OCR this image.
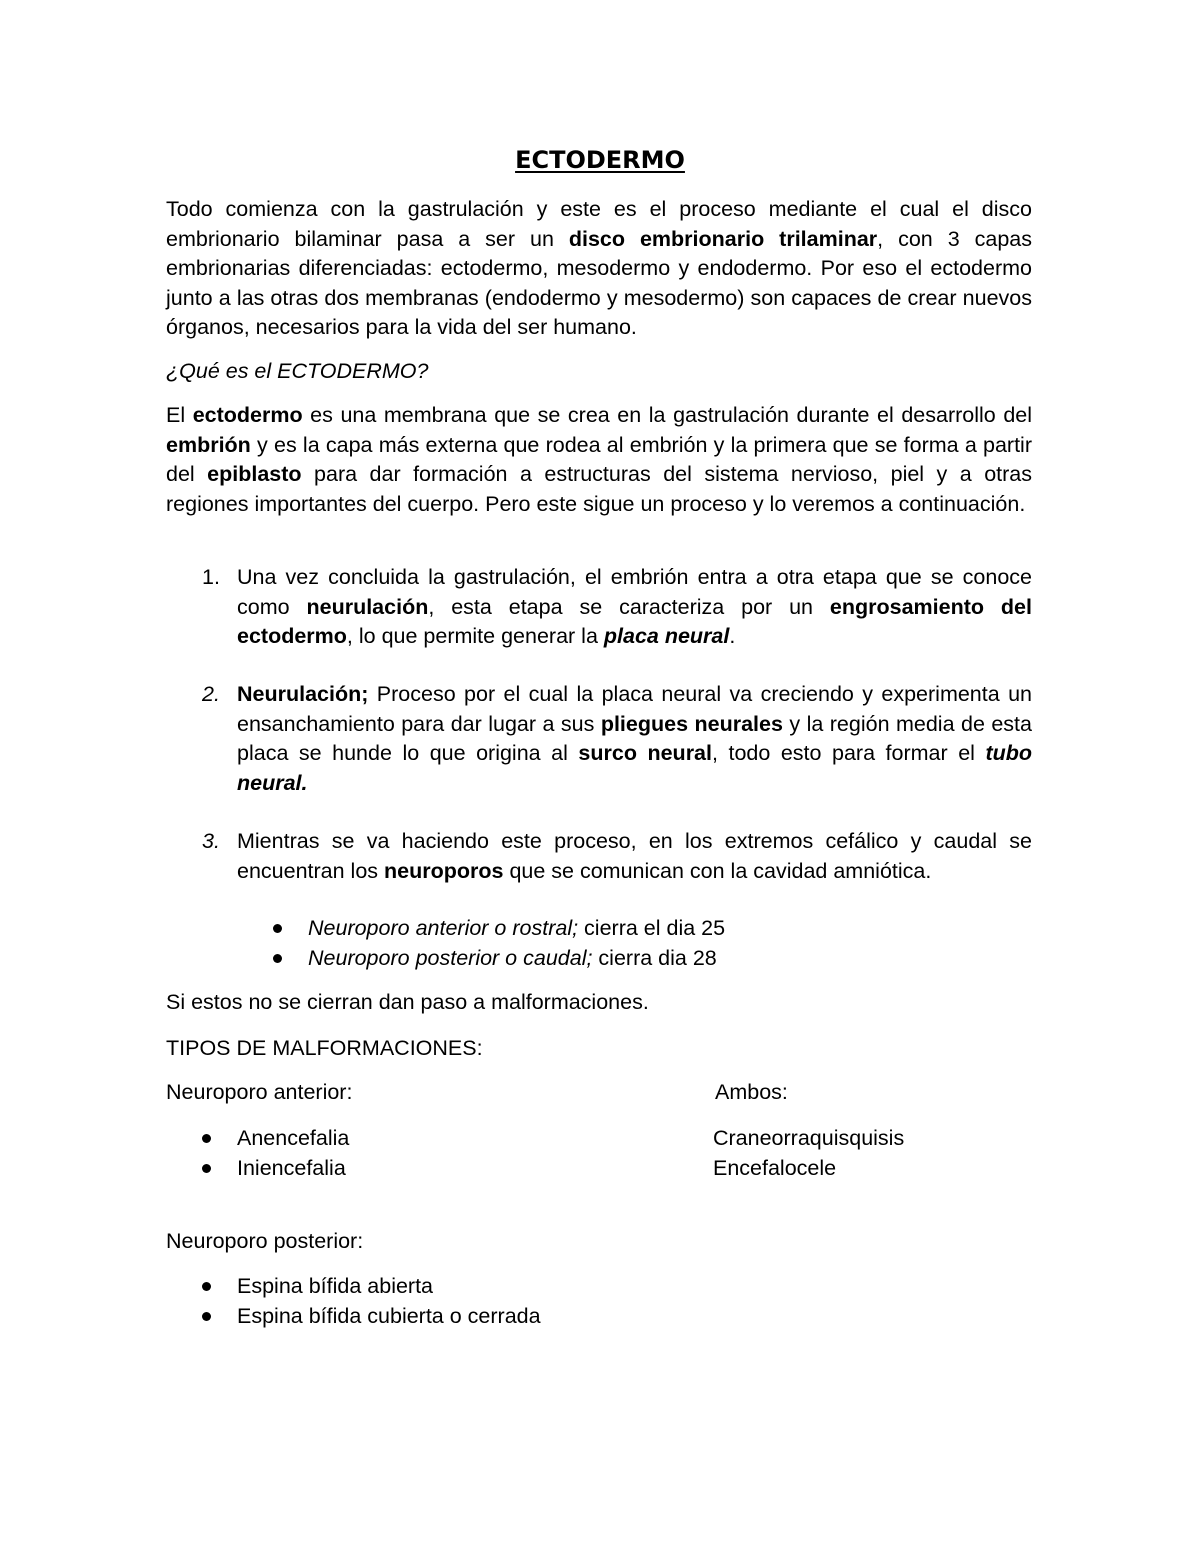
ECTODERMO

Todo comienza con la gastrulación y este es el proceso mediante el cual el disco embrionario bilaminar pasa a ser un disco embrionario trilaminar, con 3 capas embrionarias diferenciadas: ectodermo, mesodermo y endodermo. Por eso el ectodermo junto a las otras dos membranas (endodermo y mesodermo) son capaces de crear nuevos órganos, necesarios para la vida del ser humano.

¿Qué es el ECTODERMO?

El ectodermo es una membrana que se crea en la gastrulación durante el desarrollo del embrión y es la capa más externa que rodea al embrión y la primera que se forma a partir del epiblasto para dar formación a estructuras del sistema nervioso, piel y a otras regiones importantes del cuerpo. Pero este sigue un proceso y lo veremos a continuación.

1. Una vez concluida la gastrulación, el embrión entra a otra etapa que se conoce como neurulación, esta etapa se caracteriza por un engrosamiento del ectodermo, lo que permite generar la placa neural.
2. Neurulación; Proceso por el cual la placa neural va creciendo y experimenta un ensanchamiento para dar lugar a sus pliegues neurales y la región media de esta placa se hunde lo que origina al surco neural, todo esto para formar el tubo neural.
3. Mientras se va haciendo este proceso, en los extremos cefálico y caudal se encuentran los neuroporos que se comunican con la cavidad amniótica.
Neuroporo anterior o rostral; cierra el dia 25
Neuroporo posterior o caudal; cierra dia 28

Si estos no se cierran dan paso a malformaciones.

TIPOS DE MALFORMACIONES:

Neuroporo anterior:	Ambos:
Anencefalia
Iniencefalia
Craneorraquisquisis
Encefalocele

Neuroporo posterior:

Espina bífida abierta
Espina bífida cubierta o cerrada
